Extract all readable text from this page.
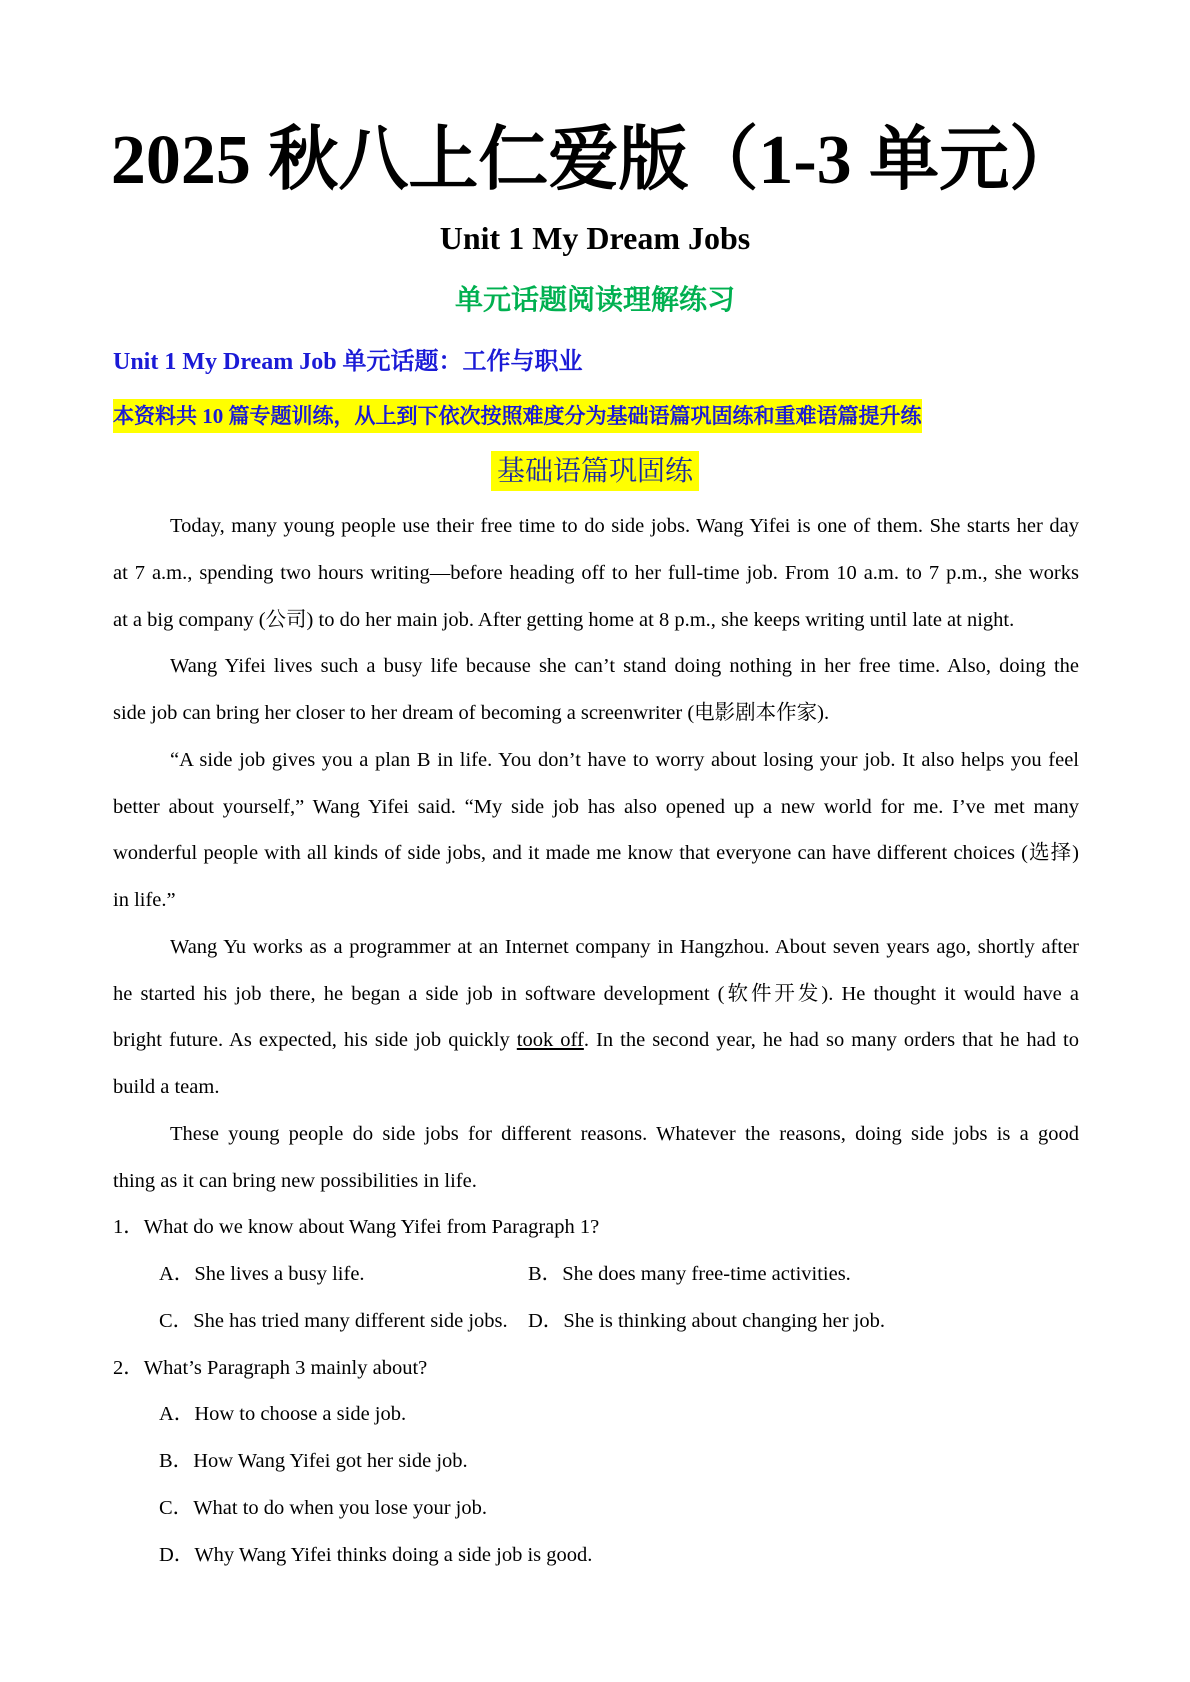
2025 秋八上仁爱版（1-3 单元）
Unit 1 My Dream Jobs
单元话题阅读理解练习
Unit 1 My Dream Job 单元话题：工作与职业
本资料共 10 篇专题训练，从上到下依次按照难度分为基础语篇巩固练和重难语篇提升练
基础语篇巩固练
Today, many young people use their free time to do side jobs. Wang Yifei is one of them. She starts her day
at 7 a.m., spending two hours writing—before heading off to her full-time job. From 10 a.m. to 7 p.m., she works
at a big company (公司) to do her main job. After getting home at 8 p.m., she keeps writing until late at night.
Wang Yifei lives such a busy life because she can’t stand doing nothing in her free time. Also, doing the
side job can bring her closer to her dream of becoming a screenwriter (电影剧本作家).
“A side job gives you a plan B in life. You don’t have to worry about losing your job. It also helps you feel
better about yourself,” Wang Yifei said. “My side job has also opened up a new world for me. I’ve met many
wonderful people with all kinds of side jobs, and it made me know that everyone can have different choices (选择)
in life.”
Wang Yu works as a programmer at an Internet company in Hangzhou. About seven years ago, shortly after
he started his job there, he began a side job in software development (软件开发). He thought it would have a
bright future. As expected, his side job quickly took off. In the second year, he had so many orders that he had to
build a team.
These young people do side jobs for different reasons. Whatever the reasons, doing side jobs is a good
thing as it can bring new possibilities in life.
1．What do we know about Wang Yifei from Paragraph 1?
A．She lives a busy life.	B．She does many free-time activities.
C．She has tried many different side jobs. D．She is thinking about changing her job.
2．What’s Paragraph 3 mainly about?
A．How to choose a side job.
B．How Wang Yifei got her side job.
C．What to do when you lose your job.
D．Why Wang Yifei thinks doing a side job is good.
